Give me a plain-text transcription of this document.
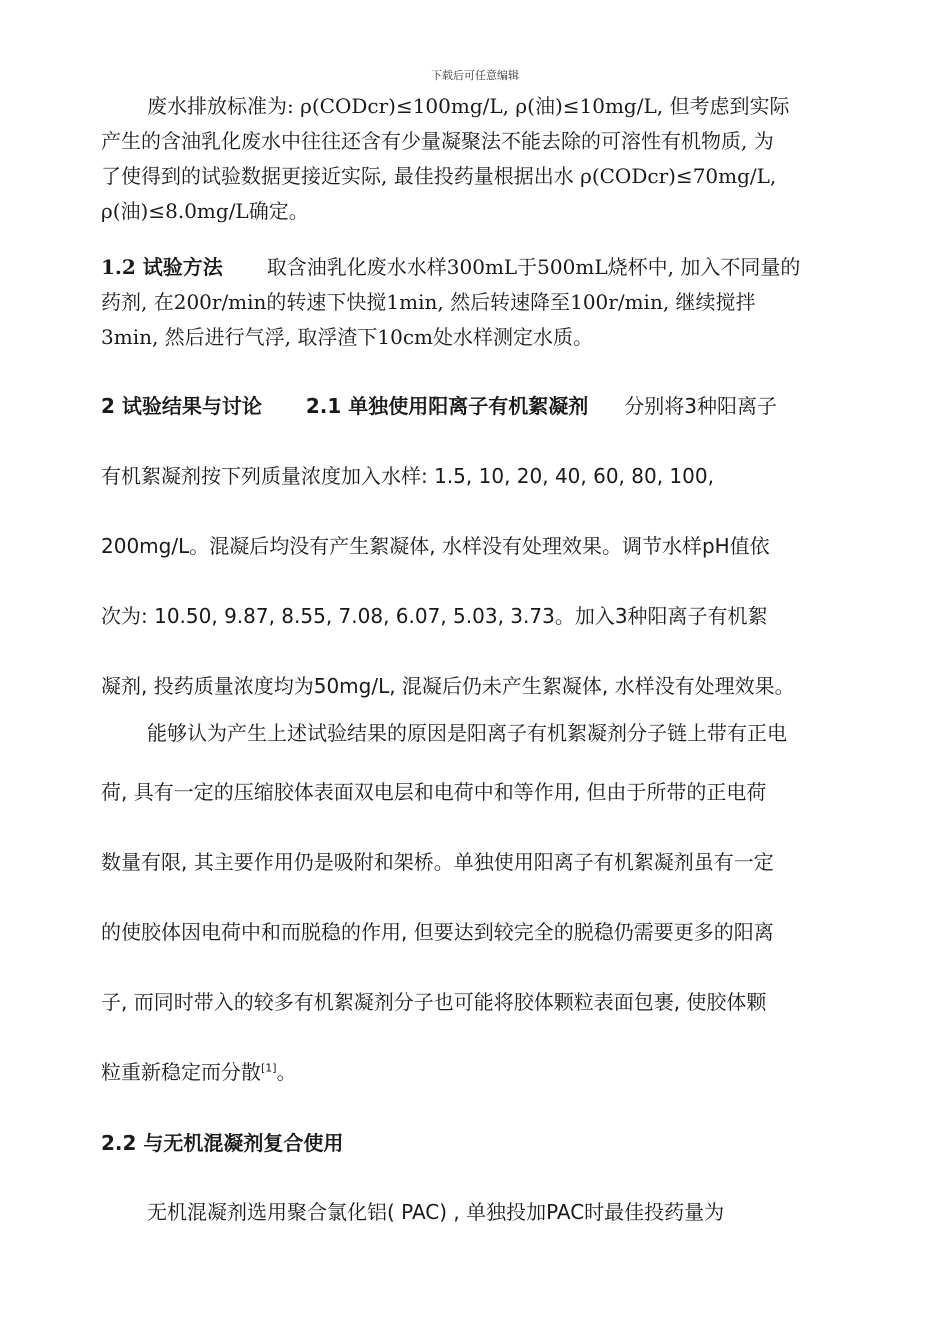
下载后可任意编辑
废水排放标准为: ρ(CODcr)≤100mg/L, ρ(油)≤10mg/L, 但考虑到实际
产生的含油乳化废水中往往还含有少量凝聚法不能去除的可溶性有机物质, 为
了使得到的试验数据更接近实际, 最佳投药量根据出水 ρ(CODcr)≤70mg/L,
ρ(油)≤8.0mg/L确定。
1.2 试验方法 取含油乳化废水水样300mL于500mL烧杯中, 加入不同量的
药剂, 在200r/min的转速下快搅1min, 然后转速降至100r/min, 继续搅拌
3min, 然后进行气浮, 取浮渣下10cm处水样测定水质。
2 试验结果与讨论 2.1 单独使用阳离子有机絮凝剂 分别将3种阳离子
有机絮凝剂按下列质量浓度加入水样: 1.5, 10, 20, 40, 60, 80, 100,
200mg/L。混凝后均没有产生絮凝体, 水样没有处理效果。调节水样pH值依
次为: 10.50, 9.87, 8.55, 7.08, 6.07, 5.03, 3.73。加入3种阳离子有机絮
凝剂, 投药质量浓度均为50mg/L, 混凝后仍未产生絮凝体, 水样没有处理效果。
能够认为产生上述试验结果的原因是阳离子有机絮凝剂分子链上带有正电
荷, 具有一定的压缩胶体表面双电层和电荷中和等作用, 但由于所带的正电荷
数量有限, 其主要作用仍是吸附和架桥。单独使用阳离子有机絮凝剂虽有一定
的使胶体因电荷中和而脱稳的作用, 但要达到较完全的脱稳仍需要更多的阳离
子, 而同时带入的较多有机絮凝剂分子也可能将胶体颗粒表面包裹, 使胶体颗
粒重新稳定而分散[1]。
2.2 与无机混凝剂复合使用
无机混凝剂选用聚合氯化铝( PAC) , 单独投加PAC时最佳投药量为
